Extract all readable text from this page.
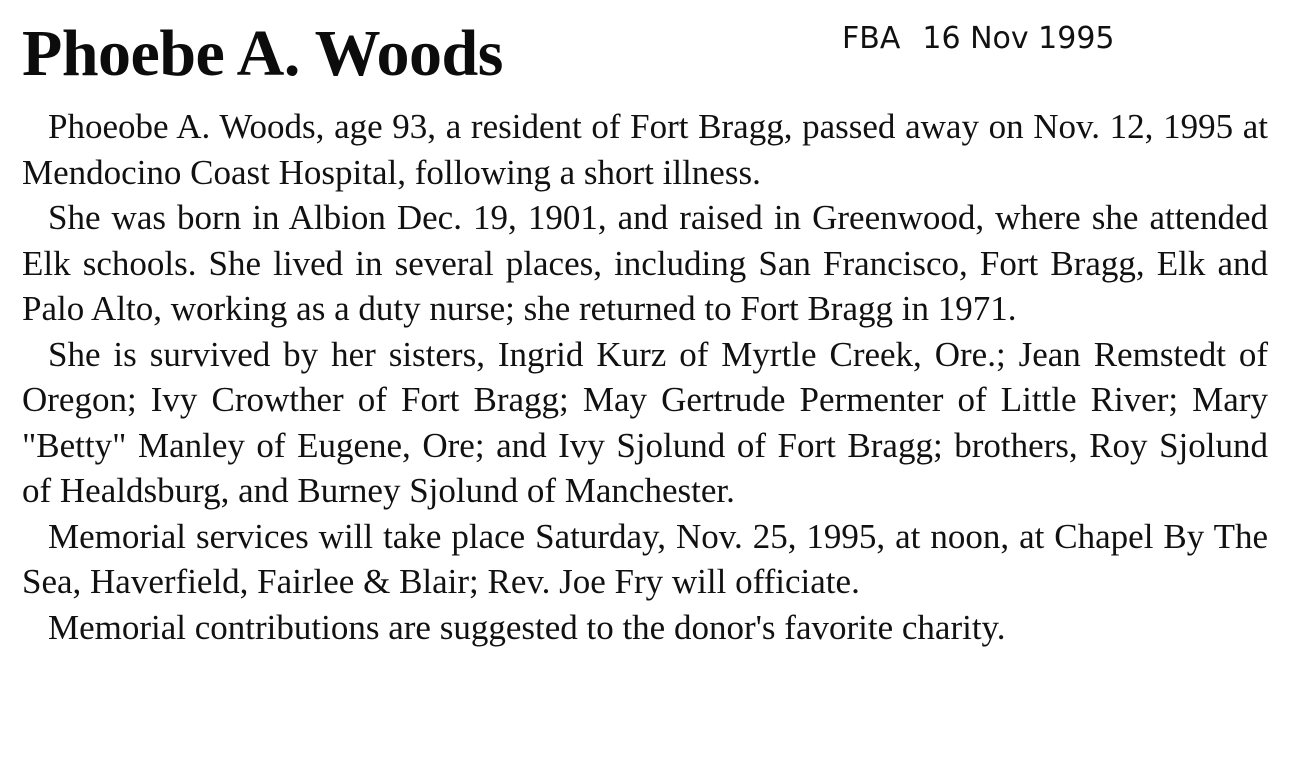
Phoebe A. Woods	FBA 16 Nov 1995

Phoeobe A. Woods, age 93, a resident of Fort Bragg, passed away on Nov. 12, 1995 at Mendocino Coast Hospital, following a short illness.

She was born in Albion Dec. 19, 1901, and raised in Greenwood, where she attended Elk schools. She lived in several places, including San Francisco, Fort Bragg, Elk and Palo Alto, working as a duty nurse; she returned to Fort Bragg in 1971.

She is survived by her sisters, Ingrid Kurz of Myrtle Creek, Ore.; Jean Remstedt of Oregon; Ivy Crowther of Fort Bragg; May Gertrude Permenter of Little River; Mary "Betty" Manley of Eugene, Ore; and Ivy Sjolund of Fort Bragg; brothers, Roy Sjolund of Healdsburg, and Burney Sjolund of Manchester.

Memorial services will take place Saturday, Nov. 25, 1995, at noon, at Chapel By The Sea, Haverfield, Fairlee & Blair; Rev. Joe Fry will officiate.

Memorial contributions are suggested to the donor's favorite charity.
